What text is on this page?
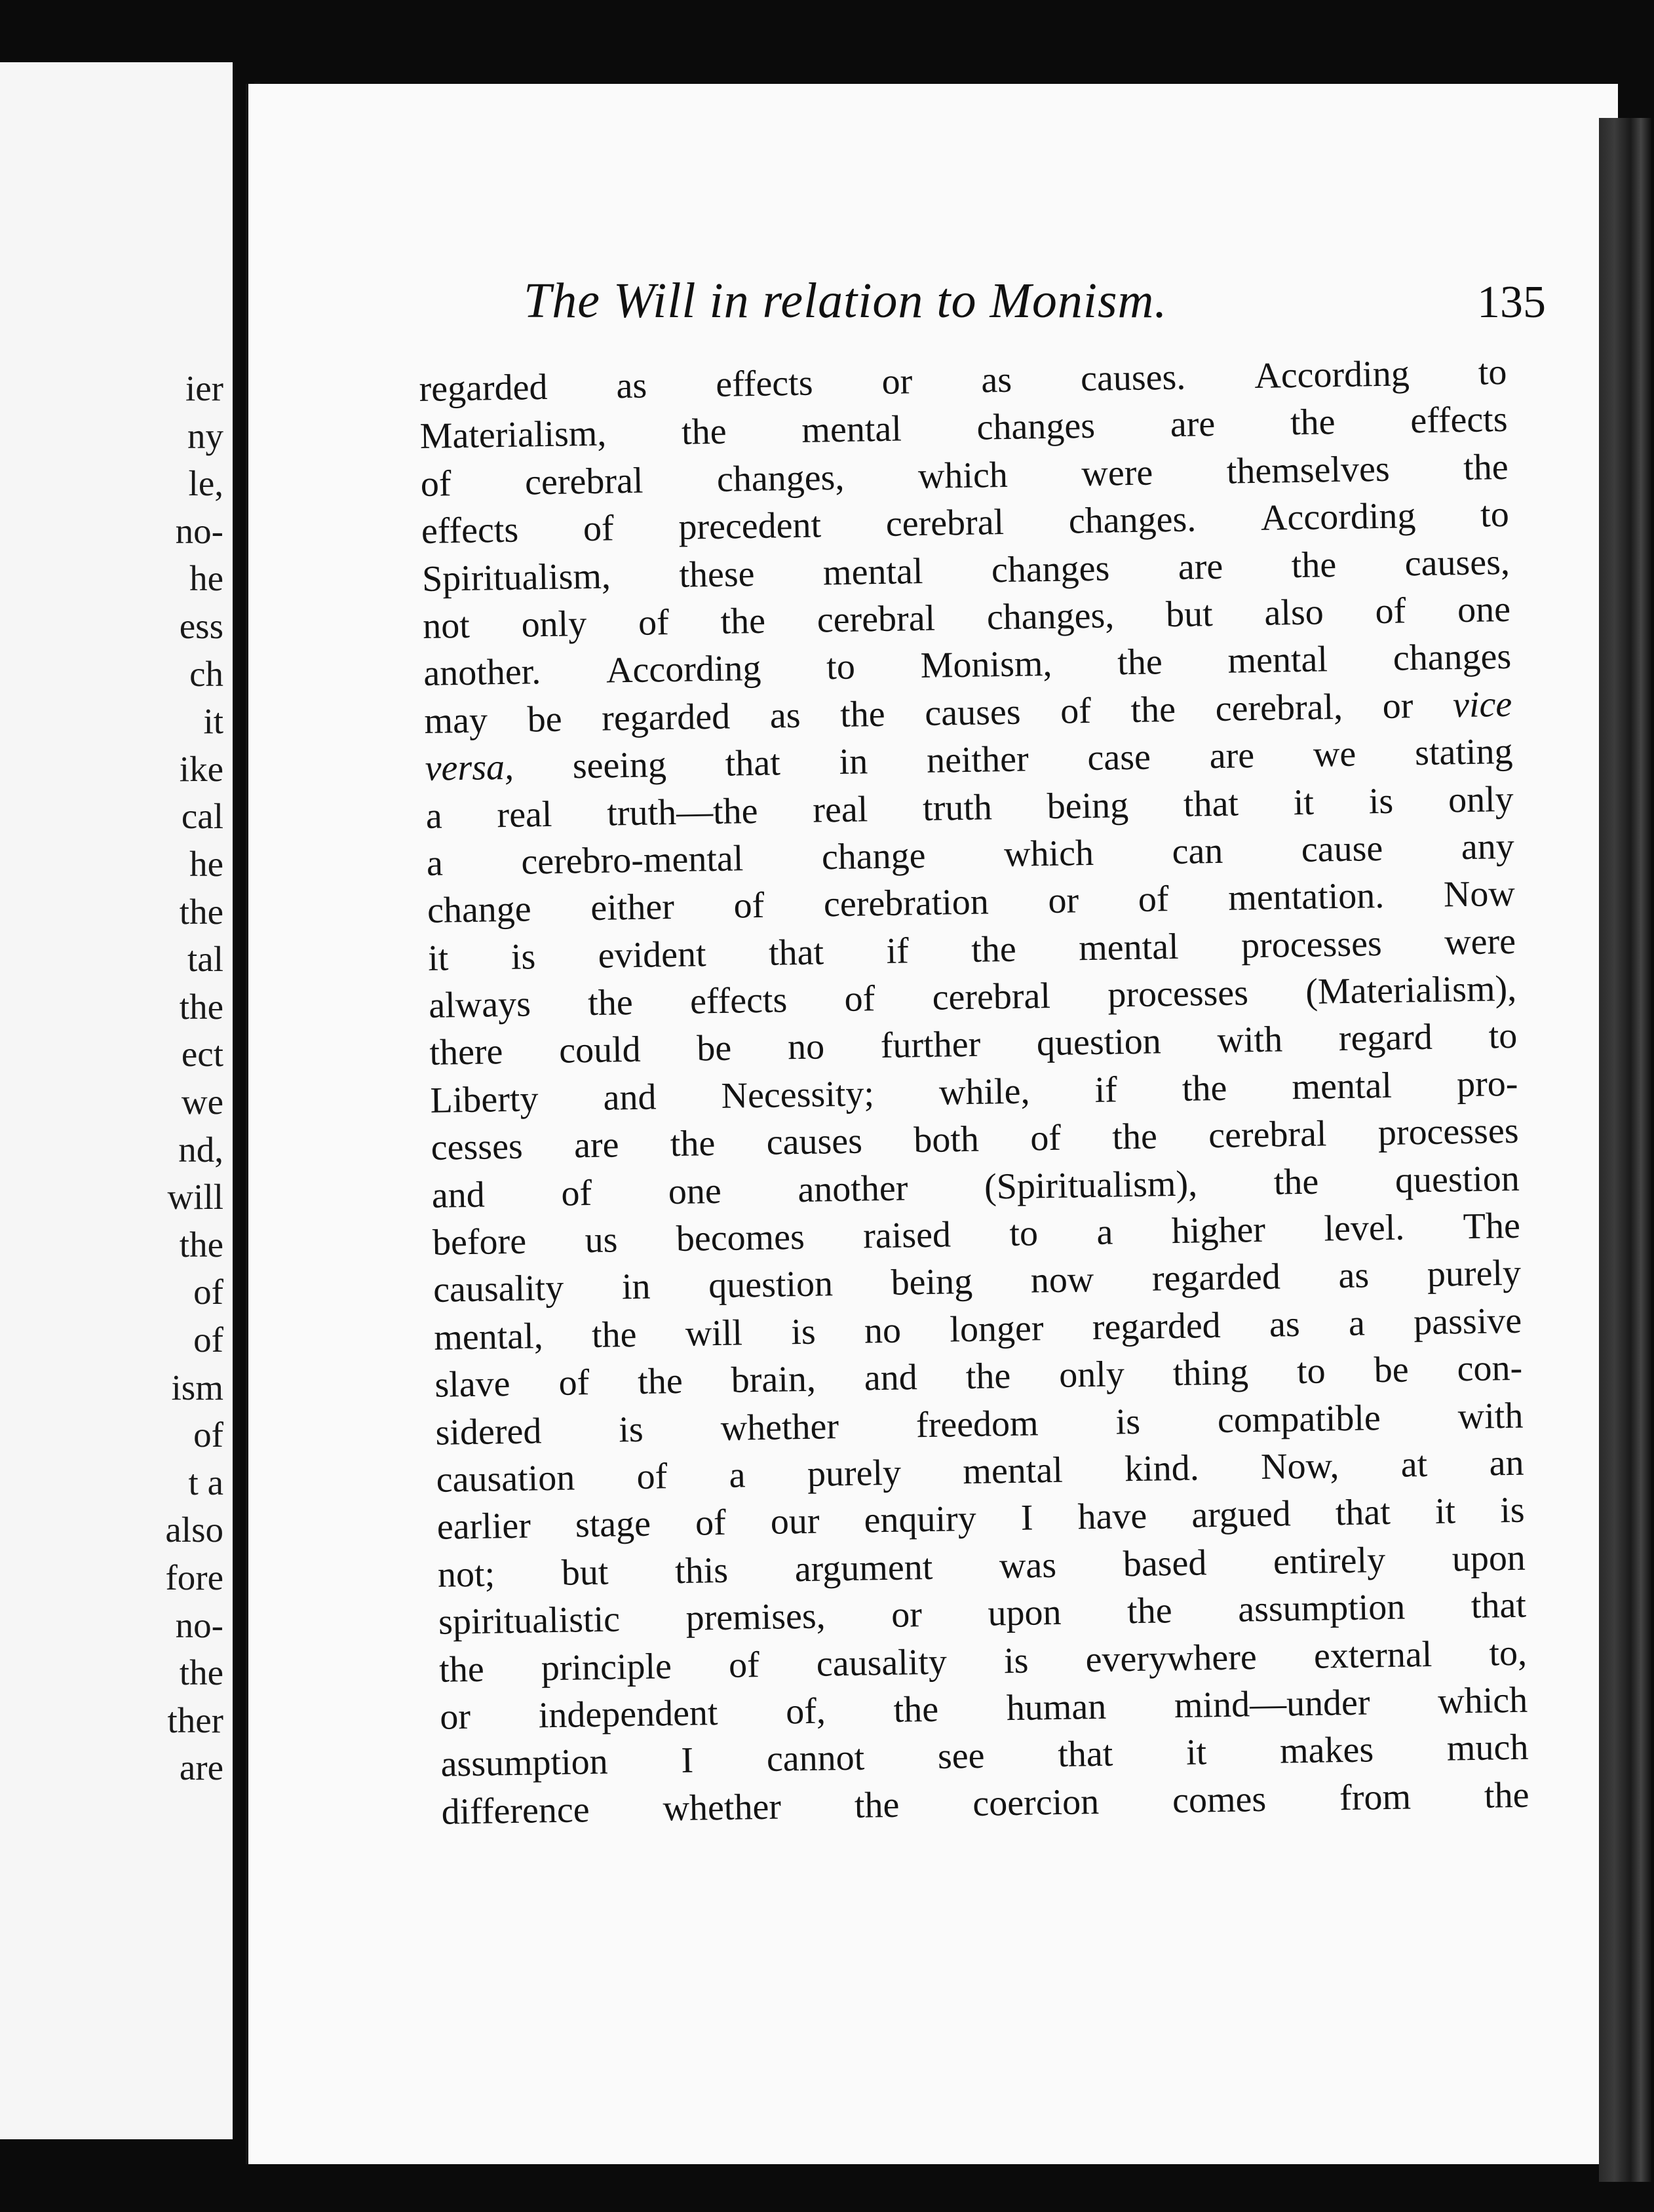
ier
ny
le,
no-
he
ess
ch
it
ike
cal
he
the
tal
the
ect
we
nd,
will
the
of
of
ism
of
t a
also
fore
no-
the
ther
are
The Will in relation to Monism.	135
regarded as effects or as causes. According to
Materialism, the mental changes are the effects
of cerebral changes, which were themselves the
effects of precedent cerebral changes. According to
Spiritualism, these mental changes are the causes,
not only of the cerebral changes, but also of one
another. According to Monism, the mental changes
may be regarded as the causes of the cerebral, or vice
versa, seeing that in neither case are we stating
a real truth—the real truth being that it is only
a cerebro-mental change which can cause any
change either of cerebration or of mentation. Now
it is evident that if the mental processes were
always the effects of cerebral processes (Materialism),
there could be no further question with regard to
Liberty and Necessity; while, if the mental pro-
cesses are the causes both of the cerebral processes
and of one another (Spiritualism), the question
before us becomes raised to a higher level. The
causality in question being now regarded as purely
mental, the will is no longer regarded as a passive
slave of the brain, and the only thing to be con-
sidered is whether freedom is compatible with
causation of a purely mental kind. Now, at an
earlier stage of our enquiry I have argued that it is
not; but this argument was based entirely upon
spiritualistic premises, or upon the assumption that
the principle of causality is everywhere external to,
or independent of, the human mind—under which
assumption I cannot see that it makes much
difference whether the coercion comes from the
